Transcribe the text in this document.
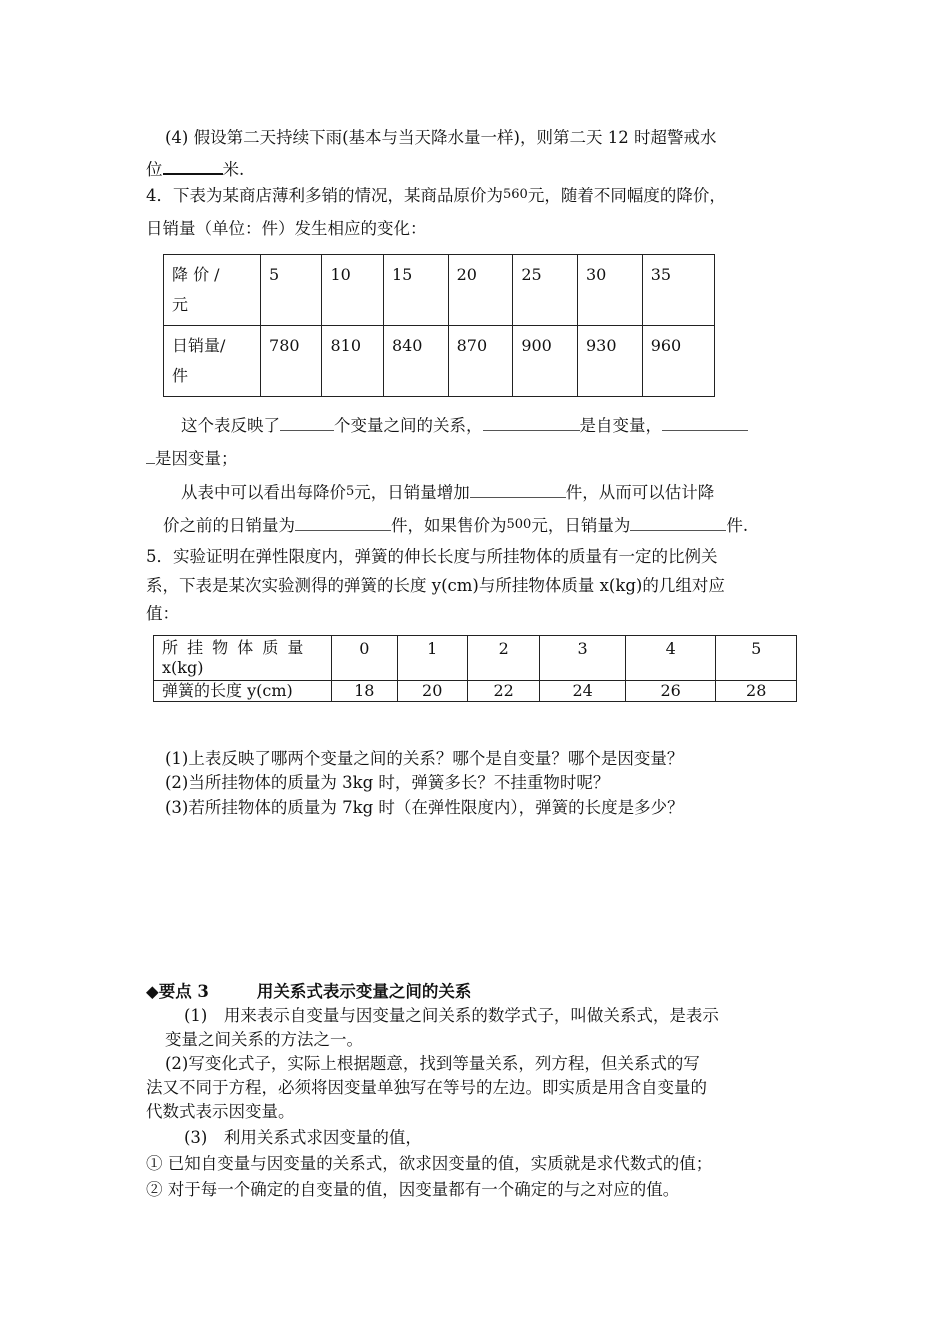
(4) 假设第二天持续下雨(基本与当天降水量一样)，则第二天 12 时超警戒水
位	米.
4．下表为某商店薄利多销的情况，某商品原价为560元，随着不同幅度的降价，
日销量（单位：件）发生相应的变化：
降 价 /
元	5	10	15	20	25	30	35

日销量/
件	780	810	840	870	900	930	960
这个表反映了	个变量之间的关系，	是自变量，
是因变量；
从表中可以看出每降价5元，日销量增加	件，从而可以估计降
价之前的日销量为	件，如果售价为500元，日销量为	件.
5．实验证明在弹性限度内，弹簧的伸长长度与所挂物体的质量有一定的比例关
系，下表是某次实验测得的弹簧的长度 y(cm)与所挂物体质量 x(kg)的几组对应
值：
所 挂 物 体 质 量
x(kg)	0	1	2	3	4	5
弹簧的长度 y(cm)	18	20	22	24	26	28
(1)上表反映了哪两个变量之间的关系？哪个是自变量？哪个是因变量？
(2)当所挂物体的质量为 3kg 时，弹簧多长？不挂重物时呢？
(3)若所挂物体的质量为 7kg 时（在弹性限度内），弹簧的长度是多少？
◆要点 3	用关系式表示变量之间的关系
(1)　用来表示自变量与因变量之间关系的数学式子，叫做关系式，是表示
变量之间关系的方法之一。
(2)写变化式子，实际上根据题意，找到等量关系，列方程，但关系式的写
法又不同于方程，必须将因变量单独写在等号的左边。即实质是用含自变量的
代数式表示因变量。
(3)　利用关系式求因变量的值，
① 已知自变量与因变量的关系式，欲求因变量的值，实质就是求代数式的值；
② 对于每一个确定的自变量的值，因变量都有一个确定的与之对应的值。
